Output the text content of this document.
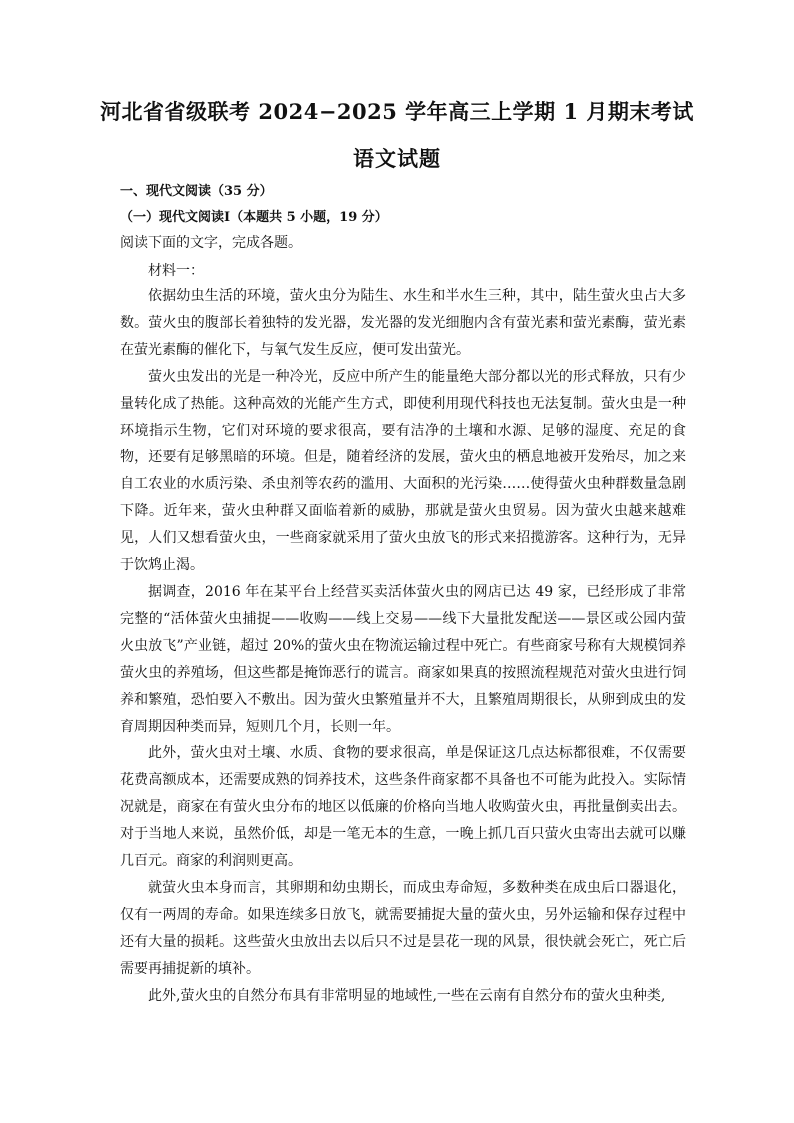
河北省省级联考 2024−2025 学年高三上学期 1 月期末考试
语文试题
一、现代文阅读（35 分）
（一）现代文阅读Ⅰ（本题共 5 小题，19 分）
阅读下面的文字，完成各题。
材料一：

依据幼虫生活的环境，萤火虫分为陆生、水生和半水生三种，其中，陆生萤火虫占大多数。萤火虫的腹部长着独特的发光器，发光器的发光细胞内含有萤光素和萤光素酶，萤光素在萤光素酶的催化下，与氧气发生反应，便可发出萤光。

萤火虫发出的光是一种冷光，反应中所产生的能量绝大部分都以光的形式释放，只有少量转化成了热能。这种高效的光能产生方式，即使利用现代科技也无法复制。萤火虫是一种环境指示生物，它们对环境的要求很高，要有洁净的土壤和水源、足够的湿度、充足的食物，还要有足够黑暗的环境。但是，随着经济的发展，萤火虫的栖息地被开发殆尽，加之来自工农业的水质污染、杀虫剂等农药的滥用、大面积的光污染……使得萤火虫种群数量急剧下降。近年来，萤火虫种群又面临着新的威胁，那就是萤火虫贸易。因为萤火虫越来越难见，人们又想看萤火虫，一些商家就采用了萤火虫放飞的形式来招揽游客。这种行为，无异于饮鸩止渴。

据调查，2016 年在某平台上经营买卖活体萤火虫的网店已达 49 家，已经形成了非常完整的“活体萤火虫捕捉——收购——线上交易——线下大量批发配送——景区或公园内萤火虫放飞”产业链，超过 20%的萤火虫在物流运输过程中死亡。有些商家号称有大规模饲养萤火虫的养殖场，但这些都是掩饰恶行的谎言。商家如果真的按照流程规范对萤火虫进行饲养和繁殖，恐怕要入不敷出。因为萤火虫繁殖量并不大，且繁殖周期很长，从卵到成虫的发育周期因种类而异，短则几个月，长则一年。

此外，萤火虫对土壤、水质、食物的要求很高，单是保证这几点达标都很难，不仅需要花费高额成本，还需要成熟的饲养技术，这些条件商家都不具备也不可能为此投入。实际情况就是，商家在有萤火虫分布的地区以低廉的价格向当地人收购萤火虫，再批量倒卖出去。对于当地人来说，虽然价低，却是一笔无本的生意，一晚上抓几百只萤火虫寄出去就可以赚几百元。商家的利润则更高。

就萤火虫本身而言，其卵期和幼虫期长，而成虫寿命短，多数种类在成虫后口器退化，仅有一两周的寿命。如果连续多日放飞，就需要捕捉大量的萤火虫，另外运输和保存过程中还有大量的损耗。这些萤火虫放出去以后只不过是昙花一现的风景，很快就会死亡，死亡后需要再捕捉新的填补。

此外,萤火虫的自然分布具有非常明显的地域性,一些在云南有自然分布的萤火虫种类,
